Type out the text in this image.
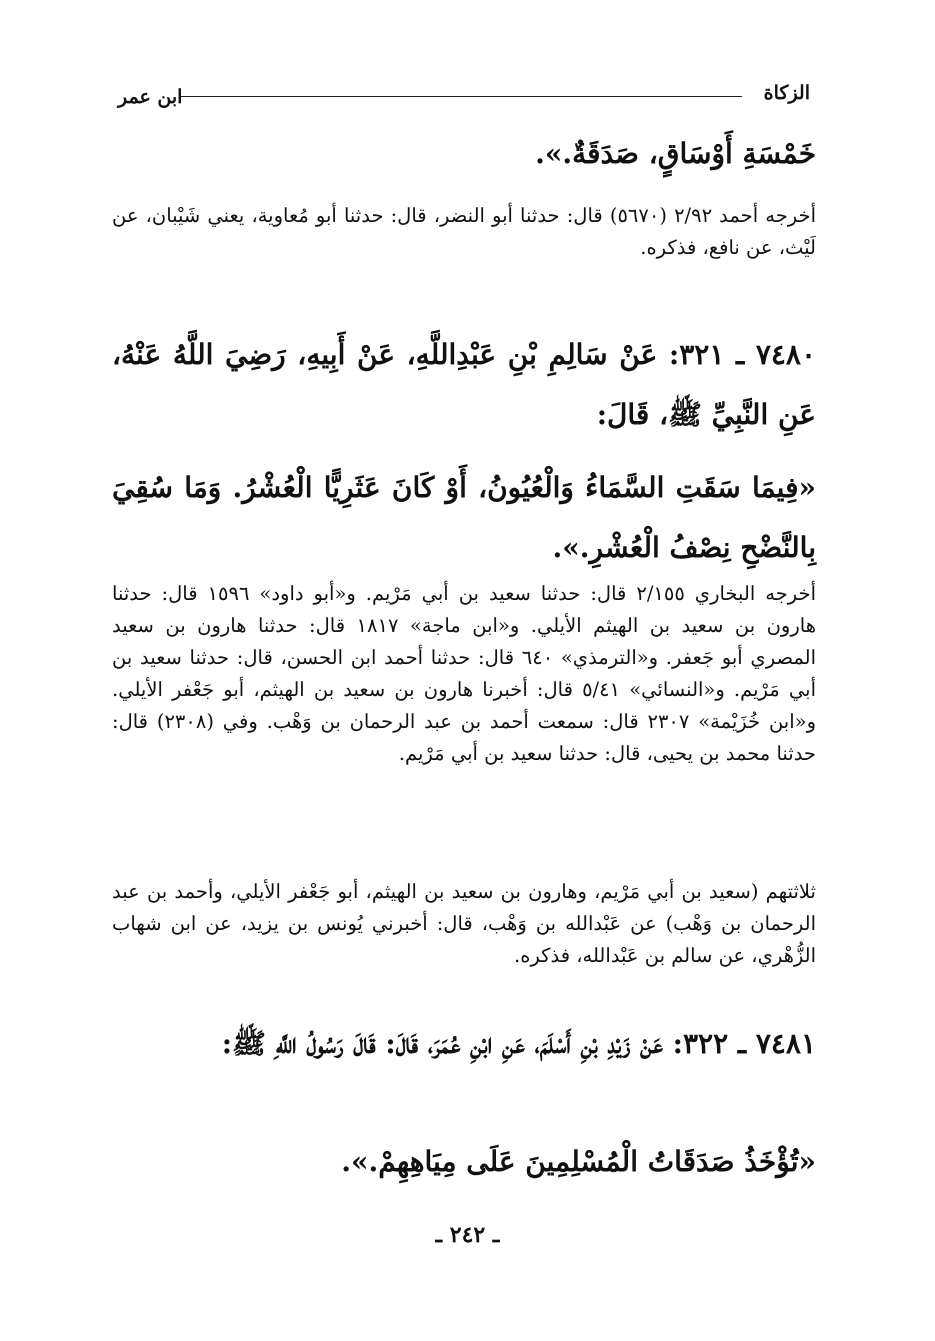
الزكاة
ابن عمر

خَمْسَةِ أَوْسَاقٍ، صَدَقَةٌ.».

أخرجه أحمد ٢/٩٢ (٥٦٧٠) قال: حدثنا أبو النضر، قال: حدثنا أبو مُعاوية، يعني شَيْبان، عن لَيْث، عن نافع، فذكره.

٧٤٨٠ ـ ٣٢١: عَنْ سَالِمِ بْنِ عَبْدِاللَّهِ، عَنْ أَبِيهِ، رَضِيَ اللَّهُ عَنْهُ، عَنِ النَّبِيِّ ﷺ، قَالَ:

«فِيمَا سَقَتِ السَّمَاءُ وَالْعُيُونُ، أَوْ كَانَ عَثَرِيًّا الْعُشْرُ. وَمَا سُقِيَ بِالنَّضْحِ نِصْفُ الْعُشْرِ.».

أخرجه البخاري ٢/١٥٥ قال: حدثنا سعيد بن أبي مَرْيم. و«أبو داود» ١٥٩٦ قال: حدثنا هارون بن سعيد بن الهيثم الأيلي. و«ابن ماجة» ١٨١٧ قال: حدثنا هارون بن سعيد المصري أبو جَعفر. و«الترمذي» ٦٤٠ قال: حدثنا أحمد ابن الحسن، قال: حدثنا سعيد بن أبي مَرْيم. و«النسائي» ٥/٤١ قال: أخبرنا هارون بن سعيد بن الهيثم، أبو جَعْفر الأيلي. و«ابن خُزَيْمة» ٢٣٠٧ قال: سمعت أحمد بن عبد الرحمان بن وَهْب. وفي (٢٣٠٨) قال: حدثنا محمد بن يحيى، قال: حدثنا سعيد بن أبي مَرْيم.

ثلاثتهم (سعيد بن أبي مَرْيم، وهارون بن سعيد بن الهيثم، أبو جَعْفر الأيلي، وأحمد بن عبد الرحمان بن وَهْب) عن عَبْدالله بن وَهْب، قال: أخبرني يُونس بن يزيد، عن ابن شهاب الزُّهْري، عن سالم بن عَبْدالله، فذكره.

٧٤٨١ ـ ٣٢٢: عَنْ زَيْدِ بْنِ أَسْلَمَ، عَنِ ابْنِ عُمَرَ، قَالَ: قَالَ رَسُولُ اللَّهِ ﷺ:

«تُؤْخَذُ صَدَقَاتُ الْمُسْلِمِينَ عَلَى مِيَاهِهِمْ.».

ـ ٢٤٢ ـ
